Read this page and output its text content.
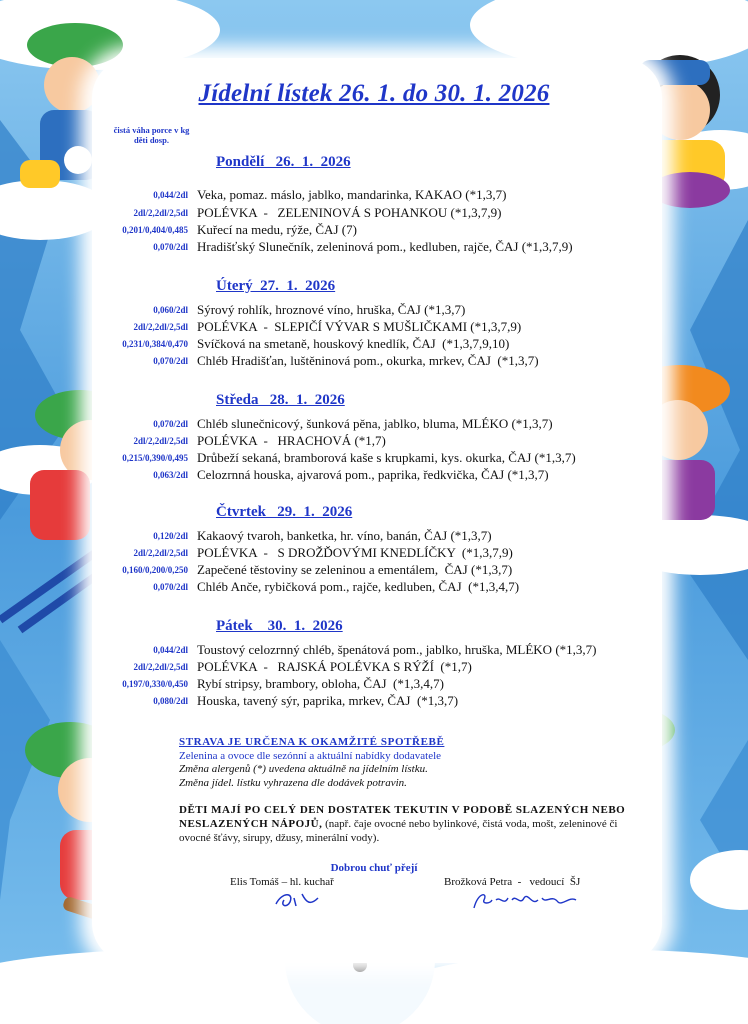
Jídelní lístek 26. 1. do 30. 1. 2026
čistá váha porce v kg
děti dosp.
Pondělí   26.  1.  2026
0,044/2dl Veka, pomaz. máslo, jablko, mandarinka, KAKAO (*1,3,7)
2dl/2,2dl/2,5dl POLÉVKA  -   ZELENINOVÁ S POHANKOU (*1,3,7,9)
0,201/0,404/0,485 Kuřecí na medu, rýže, ČAJ (7)
0,070/2dl Hradišťský Slunečník, zeleninová pom., kedluben, rajče, ČAJ (*1,3,7,9)
Úterý  27.  1.  2026
0,060/2dl Sýrový rohlík, hroznové víno, hruška, ČAJ (*1,3,7)
2dl/2,2dl/2,5dl POLÉVKA  -  SLEPIČÍ VÝVAR S MUŠLIČKAMI (*1,3,7,9)
0,231/0,384/0,470 Svíčková na smetaně, houskový knedlík, ČAJ  (*1,3,7,9,10)
0,070/2dl Chléb Hradišťan, luštěninová pom., okurka, mrkev, ČAJ  (*1,3,7)
Středa   28.  1.  2026
0,070/2dl Chléb slunečnicový, šunková pěna, jablko, bluma, MLÉKO (*1,3,7)
2dl/2,2dl/2,5dl POLÉVKA  -   HRACHOVÁ (*1,7)
0,215/0,390/0,495 Drůbeží sekaná, bramborová kaše s krupkami, kys. okurka, ČAJ (*1,3,7)
0,063/2dl Celozrnná houska, ajvarová pom., paprika, ředkvička, ČAJ (*1,3,7)
Čtvrtek   29.  1.  2026
0,120/2dl Kakaový tvaroh, banketka, hr. víno, banán, ČAJ (*1,3,7)
2dl/2,2dl/2,5dl POLÉVKA  -   S DROŽĎOVÝMI KNEDLÍČKY  (*1,3,7,9)
0,160/0,200/0,250 Zapečené těstoviny se zeleninou a ementálem,  ČAJ (*1,3,7)
0,070/2dl Chléb Ančе, rybičková pom., rajče, kedluben, ČAJ  (*1,3,4,7)
Pátek    30.  1.  2026
0,044/2dl Toustový celozrnný chléb, špenátová pom., jablko, hruška, MLÉKO (*1,3,7)
2dl/2,2dl/2,5dl POLÉVKA  -   RAJSKÁ POLÉVKA S RÝŽÍ  (*1,7)
0,197/0,330/0,450 Rybí stripsy, brambory, obloha, ČAJ  (*1,3,4,7)
0,080/2dl Houska, tavený sýr, paprika, mrkev, ČAJ  (*1,3,7)
STRAVA JE URČENA K OKAMŽITÉ SPOTŘEBĚ
Zelenina a ovoce dle sezónní a aktuální nabídky dodavatele
Změna alergenů (*) uvedena aktuálně na jídelním lístku.
Změna jídel. lístku vyhrazena dle dodávek potravin.
DĚTI MAJÍ PO CELÝ DEN DOSTATEK TEKUTIN V PODOBĚ SLAZENÝCH NEBO NESLAZENÝCH NÁPOJŮ, (např. čaje ovocné nebo bylinkové, čistá voda, mošt, zeleninové či ovocné šťávy, sirupy, džusy, minerální vody).
Dobrou chuť přejí
Elis Tomáš – hl. kuchař	Brožková Petra  -   vedoucí  ŠJ
